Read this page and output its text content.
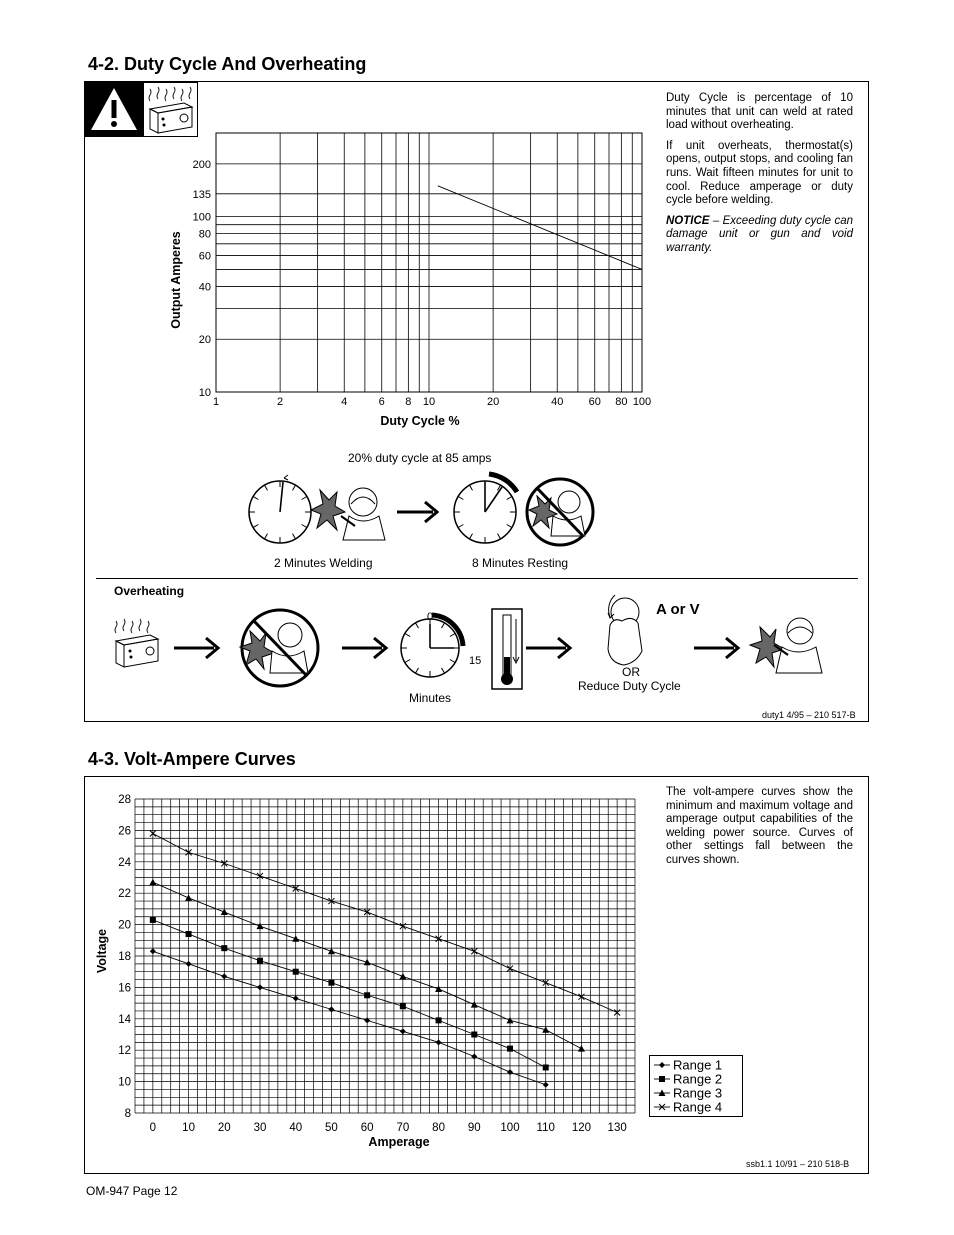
4-2. Duty Cycle And Overheating

Duty Cycle is percentage of 10 minutes that unit can weld at rated load without overheating.

If unit overheats, thermostat(s) opens, output stops, and cooling fan runs. Wait fifteen minutes for unit to cool. Reduce amperage or duty cycle before welding.

NOTICE – Exceeding duty cycle can damage unit or gun and void warranty.

1	2	4	6 8 10	20	40 60 80 100
200
135
100
80
60
40
20
10
Output Amperes
Duty Cycle %
20% duty cycle at 85 amps
2 Minutes Welding	8 Minutes Resting
Overheating
0
15
Minutes
A or V
OR
Reduce Duty Cycle
duty1 4/95 – 210 517-B
4-3. Volt-Ampere Curves
The volt-ampere curves show the minimum and maximum voltage and amperage output capabilities of the welding power source. Curves of other settings fall between the curves shown.
0 10 20 30 40 50 60 70 80 90 100 110 120 130
8
10
12
14
16
18
20
22
24
26
28
Voltage
Amperage
Range 1
Range 2
Range 3
Range 4
ssb1.1 10/91 – 210 518-B
OM-947 Page 12
